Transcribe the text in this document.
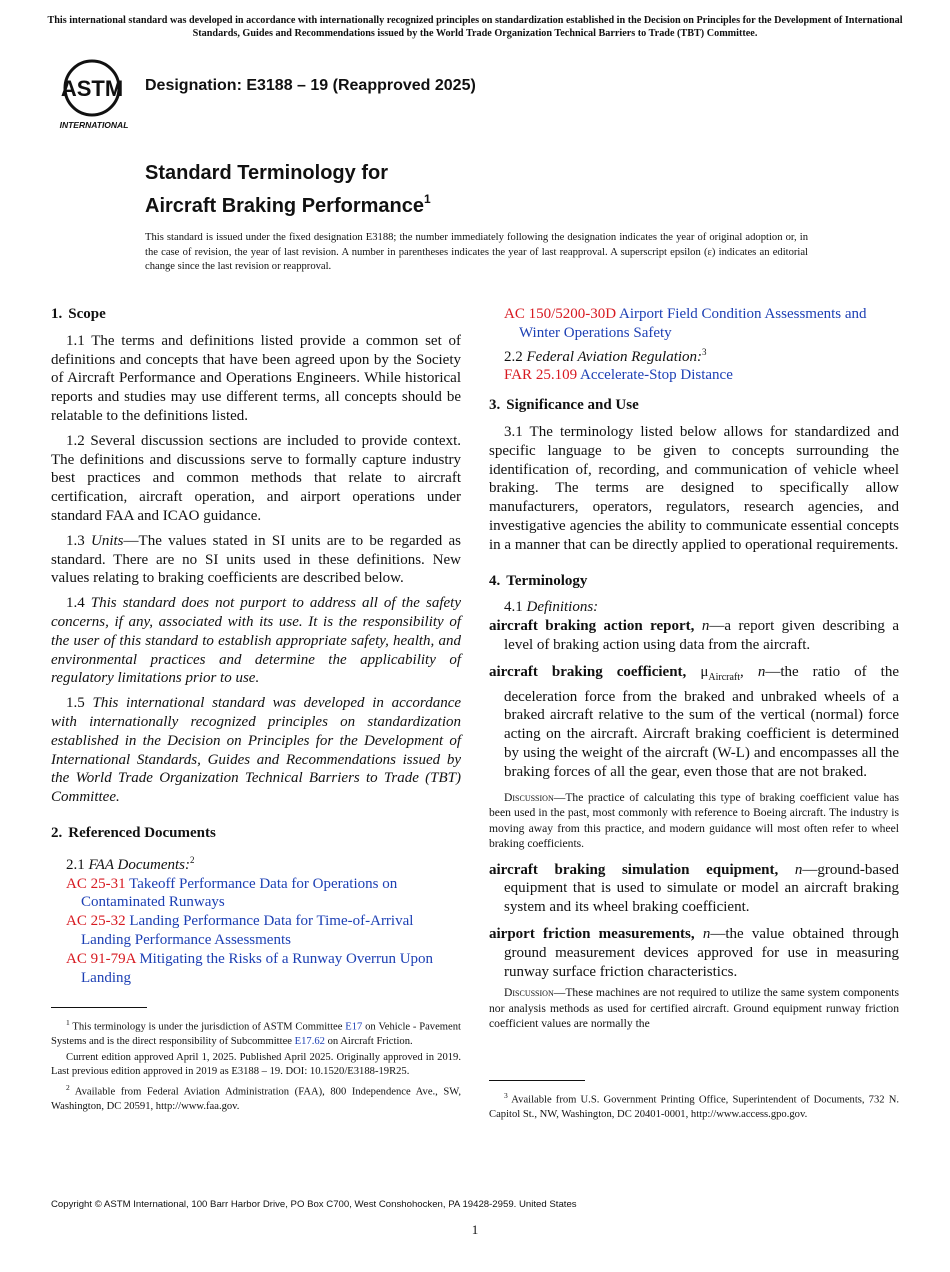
This international standard was developed in accordance with internationally recognized principles on standardization established in the Decision on Principles for the Development of International Standards, Guides and Recommendations issued by the World Trade Organization Technical Barriers to Trade (TBT) Committee.
ASTM
INTERNATIONAL
Designation: E3188 – 19 (Reapproved 2025)
Standard Terminology for
Aircraft Braking Performance$^1$
This standard is issued under the fixed designation E3188; the number immediately following the designation indicates the year of original adoption or, in the case of revision, the year of last revision. A number in parentheses indicates the year of last reapproval. A superscript epsilon (ε) indicates an editorial change since the last revision or reapproval.
1. Scope
1.1 The terms and definitions listed provide a common set of definitions and concepts that have been agreed upon by the Society of Aircraft Performance and Operations Engineers. While historical reports and studies may use different terms, all concepts should be relatable to the definitions listed.
1.2 Several discussion sections are included to provide context. The definitions and discussions serve to formally capture industry best practices and common methods that relate to aircraft certification, aircraft operation, and airport operations under standard FAA and ICAO guidance.
1.3 Units—The values stated in SI units are to be regarded as standard. There are no SI units used in these definitions. New values relating to braking coefficients are described below.
1.4 This standard does not purport to address all of the safety concerns, if any, associated with its use. It is the responsibility of the user of this standard to establish appropriate safety, health, and environmental practices and determine the applicability of regulatory limitations prior to use.
1.5 This international standard was developed in accordance with internationally recognized principles on standardization established in the Decision on Principles for the Development of International Standards, Guides and Recommendations issued by the World Trade Organization Technical Barriers to Trade (TBT) Committee.
2. Referenced Documents
2.1 FAA Documents:$^2$
AC 25-31 Takeoff Performance Data for Operations on Contaminated Runways
AC 25-32 Landing Performance Data for Time-of-Arrival Landing Performance Assessments
AC 91-79A Mitigating the Risks of a Runway Overrun Upon Landing

$^1$ This terminology is under the jurisdiction of ASTM Committee E17 on Vehicle - Pavement Systems and is the direct responsibility of Subcommittee E17.62 on Aircraft Friction.

Current edition approved April 1, 2025. Published April 2025. Originally approved in 2019. Last previous edition approved in 2019 as E3188 – 19. DOI: 10.1520/E3188-19R25.

$^2$ Available from Federal Aviation Administration (FAA), 800 Independence Ave., SW, Washington, DC 20591, http://www.faa.gov.

AC 150/5200-30D Airport Field Condition Assessments and Winter Operations Safety
2.2 Federal Aviation Regulation:$^3$
FAR 25.109 Accelerate-Stop Distance
3. Significance and Use
3.1 The terminology listed below allows for standardized and specific language to be given to concepts surrounding the identification of, recording, and communication of vehicle wheel braking. The terms are designed to specifically allow manufacturers, operators, regulators, research agencies, and investigative agencies the ability to communicate essential concepts in a manner that can be directly applied to operational requirements.
4. Terminology
4.1 Definitions:
aircraft braking action report, n—a report given describing a level of braking action using data from the aircraft.
aircraft braking coefficient, $\mu_{Aircraft}$, n—the ratio of the deceleration force from the braked and unbraked wheels of a braked aircraft relative to the sum of the vertical (normal) force acting on the aircraft. Aircraft braking coefficient is determined by using the weight of the aircraft (W-L) and encompasses all the braking forces of all the gear, even those that are not braked.
Discussion—The practice of calculating this type of braking coefficient value has been used in the past, most commonly with reference to Boeing aircraft. The industry is moving away from this practice, and modern guidance will most often refer to wheel braking coefficients.
aircraft braking simulation equipment, n—ground-based equipment that is used to simulate or model an aircraft braking system and its wheel braking coefficient.
airport friction measurements, n—the value obtained through ground measurement devices approved for use in measuring runway surface friction characteristics.
Discussion—These machines are not required to utilize the same system components nor analysis methods as used for certified aircraft. Ground equipment runway friction coefficient values are normally the

$^3$ Available from U.S. Government Printing Office, Superintendent of Documents, 732 N. Capitol St., NW, Washington, DC 20401-0001, http://www.access.gpo.gov.

Copyright © ASTM International, 100 Barr Harbor Drive, PO Box C700, West Conshohocken, PA 19428-2959. United States
1
